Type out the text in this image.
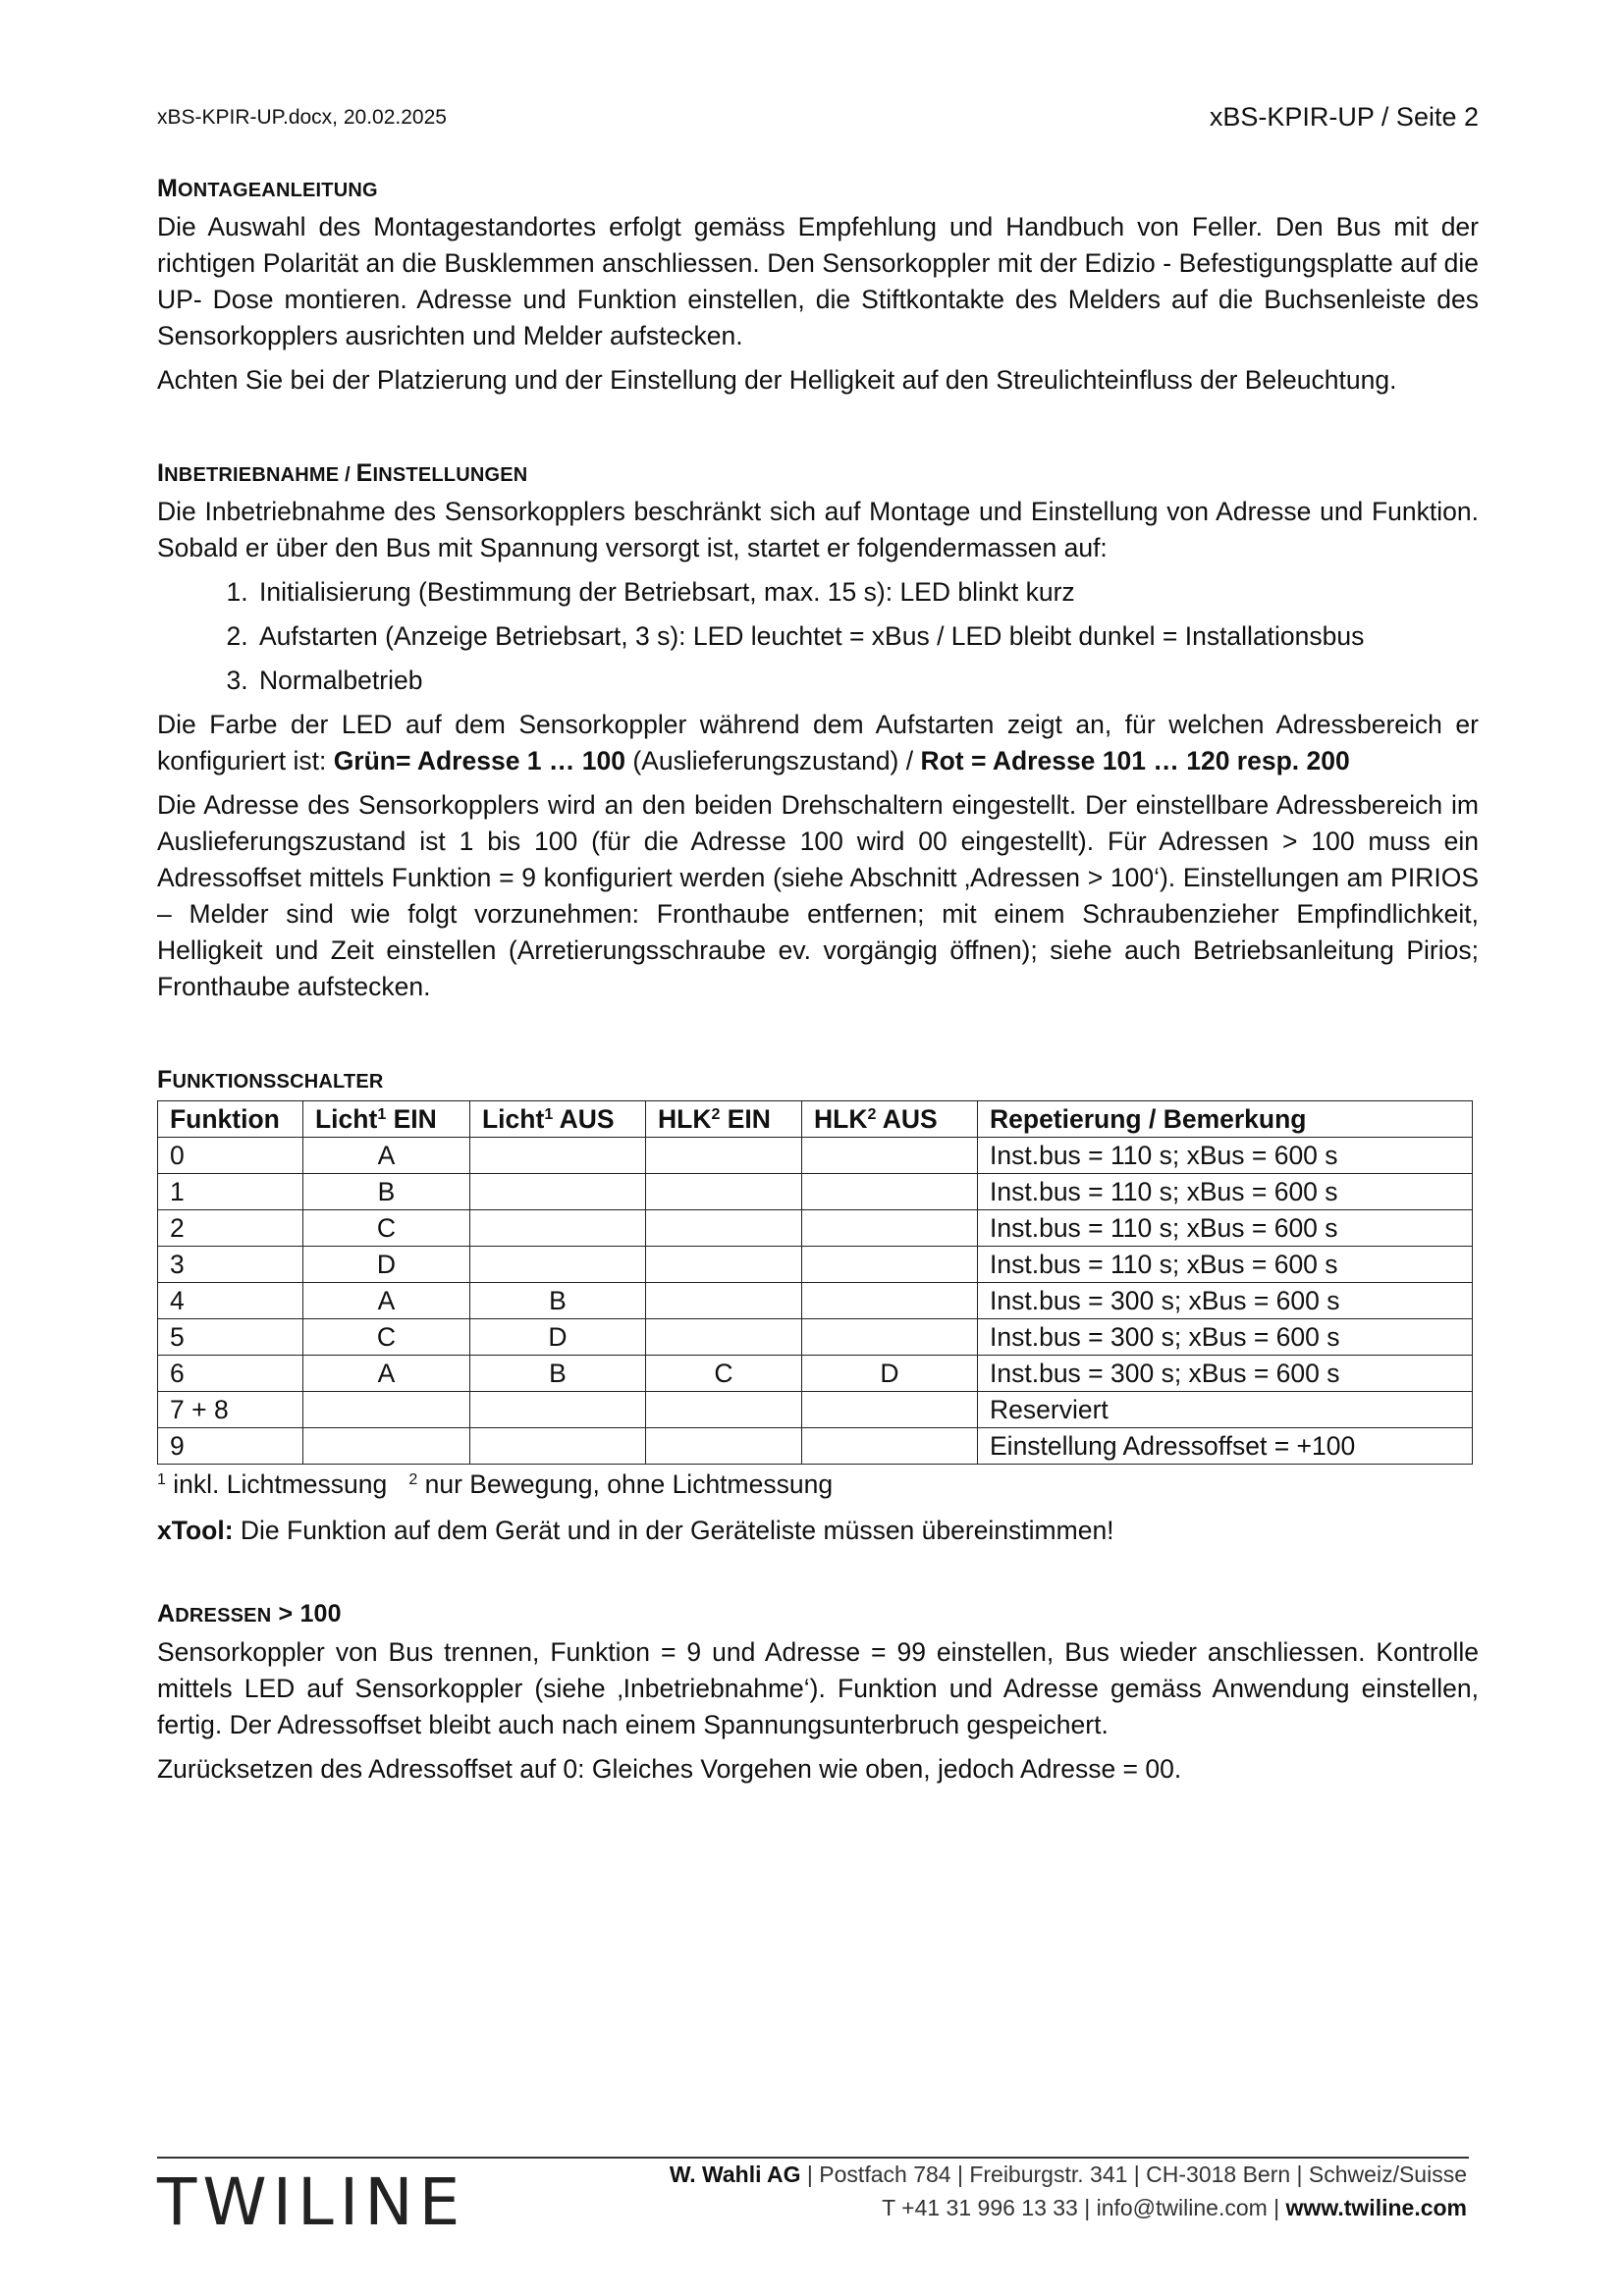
xBS-KPIR-UP.docx, 20.02.2025	xBS-KPIR-UP / Seite 2
MONTAGEANLEITUNG

Die Auswahl des Montagestandortes erfolgt gemäss Empfehlung und Handbuch von Feller. Den Bus mit der richtigen Polarität an die Busklemmen anschliessen. Den Sensorkoppler mit der Edizio - Befestigungsplatte auf die UP- Dose montieren. Adresse und Funktion einstellen, die Stiftkontakte des Melders auf die Buchsenleiste des Sensorkopplers ausrichten und Melder aufstecken.

Achten Sie bei der Platzierung und der Einstellung der Helligkeit auf den Streulichteinfluss der Beleuchtung.

INBETRIEBNAHME / EINSTELLUNGEN

Die Inbetriebnahme des Sensorkopplers beschränkt sich auf Montage und Einstellung von Adresse und Funktion. Sobald er über den Bus mit Spannung versorgt ist, startet er folgendermassen auf:

1. Initialisierung (Bestimmung der Betriebsart, max. 15 s): LED blinkt kurz
2. Aufstarten (Anzeige Betriebsart, 3 s): LED leuchtet = xBus / LED bleibt dunkel = Installationsbus
3. Normalbetrieb

Die Farbe der LED auf dem Sensorkoppler während dem Aufstarten zeigt an, für welchen Adressbereich er konfiguriert ist: Grün= Adresse 1 … 100 (Auslieferungszustand) / Rot = Adresse 101 … 120 resp. 200

Die Adresse des Sensorkopplers wird an den beiden Drehschaltern eingestellt. Der einstellbare Adressbereich im Auslieferungszustand ist 1 bis 100 (für die Adresse 100 wird 00 eingestellt). Für Adressen > 100 muss ein Adressoffset mittels Funktion = 9 konfiguriert werden (siehe Abschnitt ‚Adressen > 100‘). Einstellungen am PIRIOS – Melder sind wie folgt vorzunehmen: Fronthaube entfernen; mit einem Schraubenzieher Empfindlichkeit, Helligkeit und Zeit einstellen (Arretierungsschraube ev. vorgängig öffnen); siehe auch Betriebsanleitung Pirios; Fronthaube aufstecken.

FUNKTIONSSCHALTER
Funktion	Licht$^1$ EIN	Licht$^1$ AUS	HLK$^2$ EIN	HLK$^2$ AUS	Repetierung / Bemerkung
0	A				Inst.bus = 110 s; xBus = 600 s
1	B				Inst.bus = 110 s; xBus = 600 s
2	C				Inst.bus = 110 s; xBus = 600 s
3	D				Inst.bus = 110 s; xBus = 600 s
4	A	B			Inst.bus = 300 s; xBus = 600 s
5	C	D			Inst.bus = 300 s; xBus = 600 s
6	A	B	C	D	Inst.bus = 300 s; xBus = 600 s
7 + 8					Reserviert
9					Einstellung Adressoffset = +100
$^1$ inkl. Lichtmessung $^2$ nur Bewegung, ohne Lichtmessung

xTool: Die Funktion auf dem Gerät und in der Geräteliste müssen übereinstimmen!

ADRESSEN > 100

Sensorkoppler von Bus trennen, Funktion = 9 und Adresse = 99 einstellen, Bus wieder anschliessen. Kontrolle mittels LED auf Sensorkoppler (siehe ‚Inbetriebnahme‘). Funktion und Adresse gemäss Anwendung einstellen, fertig. Der Adressoffset bleibt auch nach einem Spannungsunterbruch gespeichert.

Zurücksetzen des Adressoffset auf 0: Gleiches Vorgehen wie oben, jedoch Adresse = 00.

TWILINE	W. Wahli AG | Postfach 784 | Freiburgstr. 341 | CH-3018 Bern | Schweiz/Suisse
T +41 31 996 13 33 | info@twiline.com | www.twiline.com
